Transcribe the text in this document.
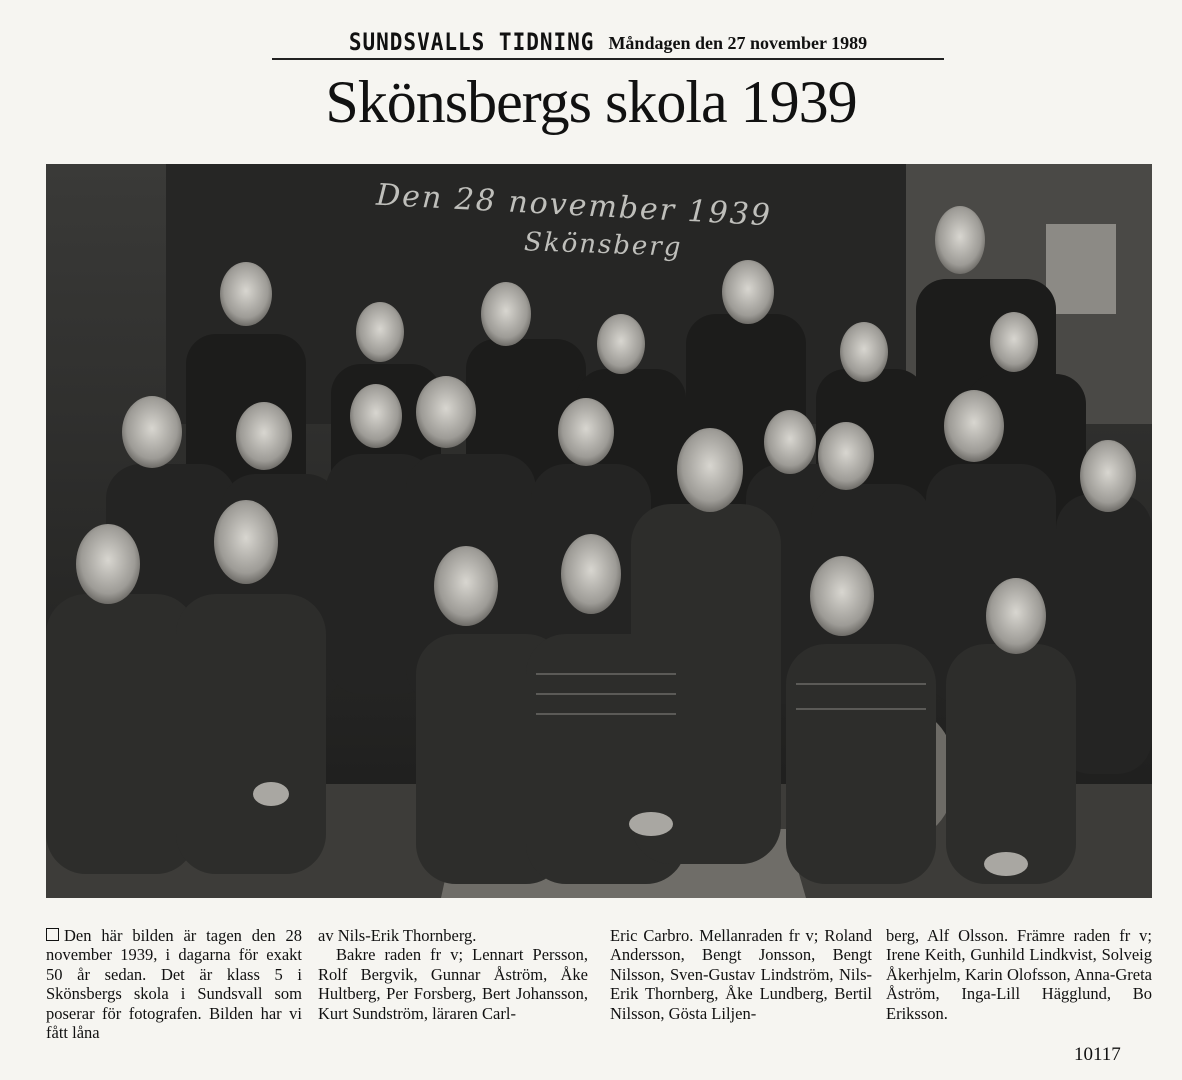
SUNDSVALLS TIDNING Måndagen den 27 november 1989
Skönsbergs skola 1939
Den 28 november 1939
Skönsberg
Den här bilden är tagen den 28 november 1939, i dagarna för exakt 50 år sedan. Det är klass 5 i Skönsbergs skola i Sundsvall som poserar för fotografen. Bilden har vi fått låna
av Nils-Erik Thornberg.
Bakre raden fr v; Lennart Persson, Rolf Bergvik, Gunnar Åström, Åke Hultberg, Per Forsberg, Bert Johansson, Kurt Sundström, läraren Carl-
Eric Carbro. Mellanraden fr v; Roland Andersson, Bengt Jonsson, Bengt Nilsson, Sven-Gustav Lindström, Nils-Erik Thornberg, Åke Lundberg, Bertil Nilsson, Gösta Liljen-
berg, Alf Olsson. Främre raden fr v; Irene Keith, Gunhild Lindkvist, Solveig Åkerhjelm, Karin Olofsson, Anna-Greta Åström, Inga-Lill Hägglund, Bo Eriksson.
10117
